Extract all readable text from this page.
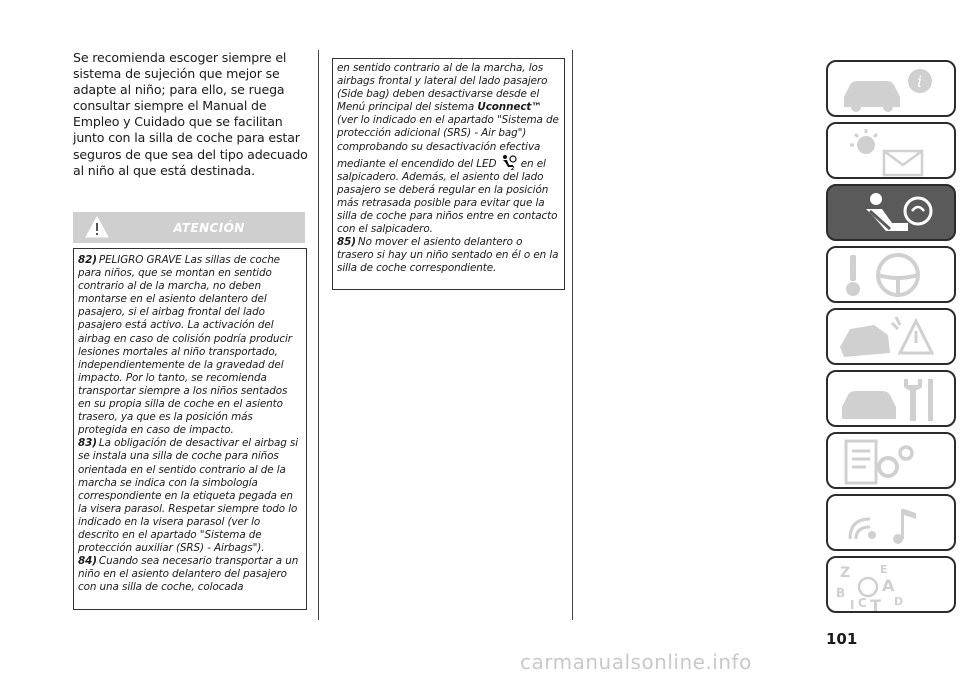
Se recomienda escoger siempre el sistema de sujeción que mejor se adapte al niño; para ello, se ruega consultar siempre el Manual de Empleo y Cuidado que se facilitan junto con la silla de coche para estar seguros de que sea del tipo adecuado al niño al que está destinada.

ATENCIÓN
82) PELIGRO GRAVE Las sillas de coche para niños, que se montan en sentido contrario al de la marcha, no deben montarse en el asiento delantero del pasajero, si el airbag frontal del lado pasajero está activo. La activación del airbag en caso de colisión podría producir lesiones mortales al niño transportado, independientemente de la gravedad del impacto. Por lo tanto, se recomienda transportar siempre a los niños sentados en su propia silla de coche en el asiento trasero, ya que es la posición más protegida en caso de impacto.
83) La obligación de desactivar el airbag si se instala una silla de coche para niños orientada en el sentido contrario al de la marcha se indica con la simbología correspondiente en la etiqueta pegada en la visera parasol. Respetar siempre todo lo indicado en la visera parasol (ver lo descrito en el apartado "Sistema de protección auxiliar (SRS) - Airbags").
84) Cuando sea necesario transportar a un niño en el asiento delantero del pasajero con una silla de coche, colocada
en sentido contrario al de la marcha, los airbags frontal y lateral del lado pasajero (Side bag) deben desactivarse desde el Menú principal del sistema Uconnect™ (ver lo indicado en el apartado "Sistema de protección adicional (SRS) - Air bag") comprobando su desactivación efectiva mediante el encendido del LED	2 en el salpicadero. Además, el asiento del lado pasajero se deberá regular en la posición más retrasada posible para evitar que la silla de coche para niños entre en contacto con el salpicadero.
85) No mover el asiento delantero o trasero si hay un niño sentado en él o en la silla de coche correspondiente.
i
Z	E
B A
I C T D
101
carmanualsonline.info
